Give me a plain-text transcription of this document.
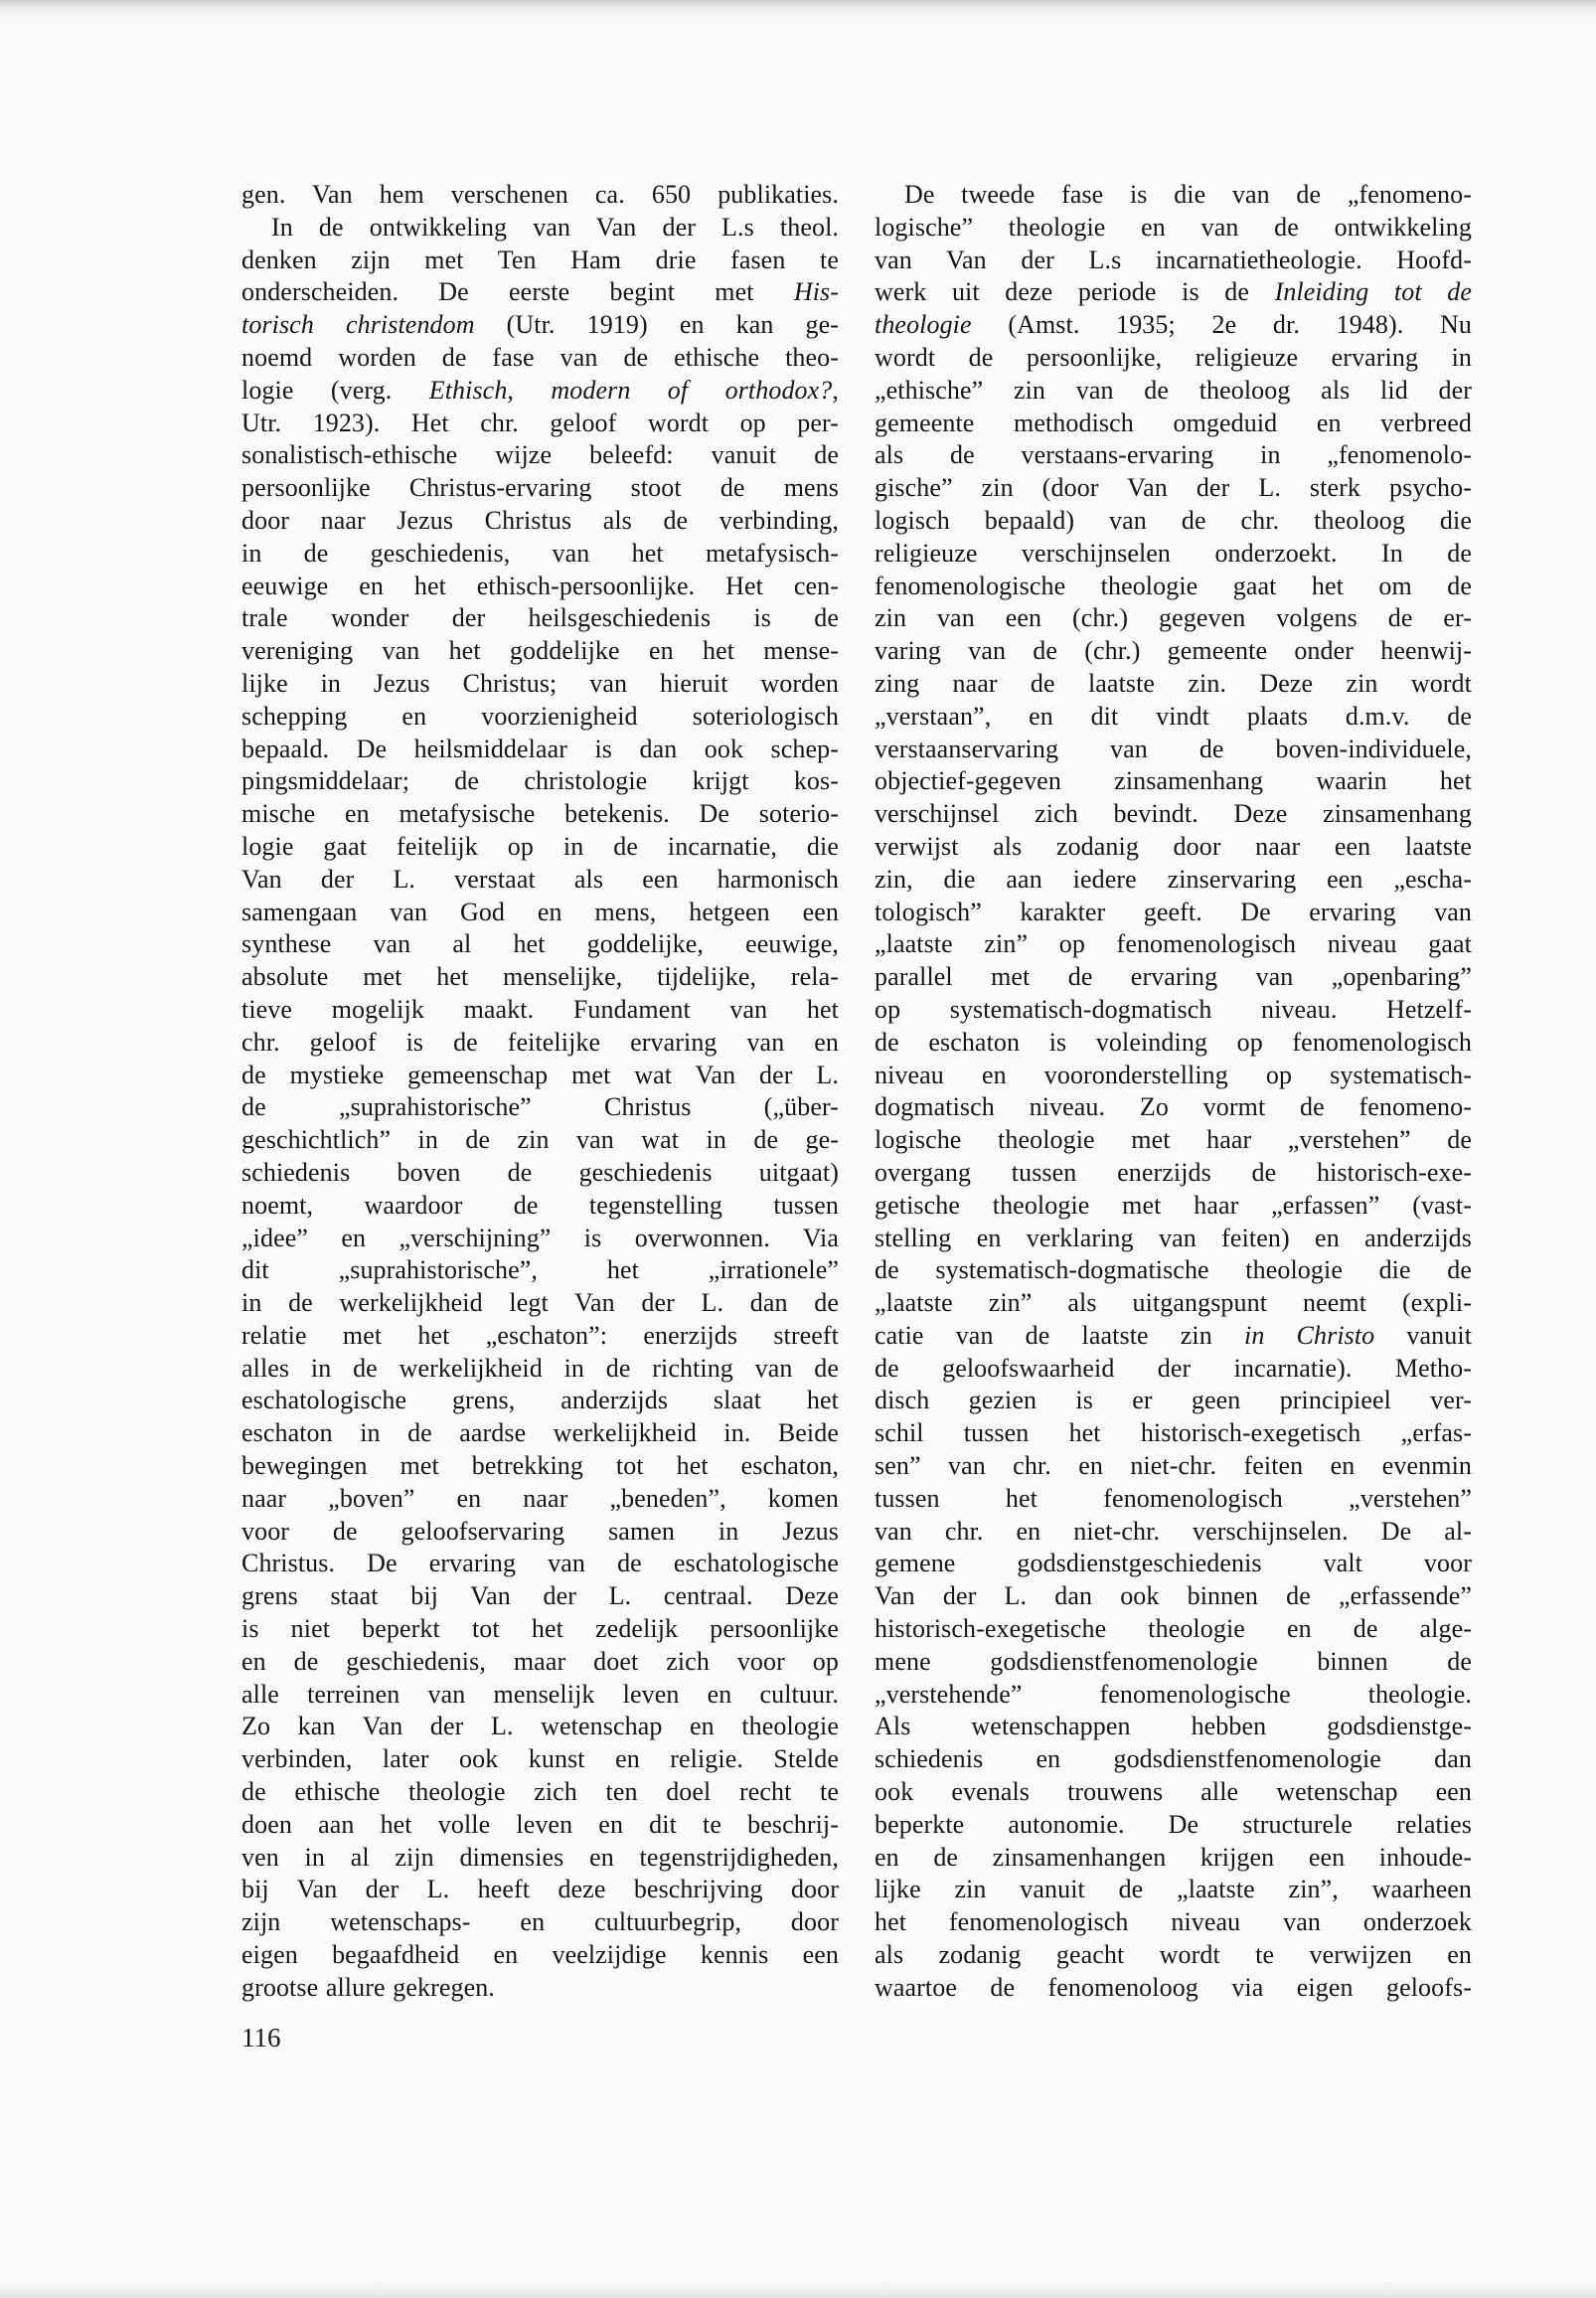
gen. Van hem verschenen ca. 650 publikaties.
In de ontwikkeling van Van der L.s theol.
denken zijn met Ten Ham drie fasen te
onderscheiden. De eerste begint met His-
torisch christendom (Utr. 1919) en kan ge-
noemd worden de fase van de ethische theo-
logie (verg. Ethisch, modern of orthodox?,
Utr. 1923). Het chr. geloof wordt op per-
sonalistisch-ethische wijze beleefd: vanuit de
persoonlijke Christus-ervaring stoot de mens
door naar Jezus Christus als de verbinding,
in de geschiedenis, van het metafysisch-
eeuwige en het ethisch-persoonlijke. Het cen-
trale wonder der heilsgeschiedenis is de
vereniging van het goddelijke en het mense-
lijke in Jezus Christus; van hieruit worden
schepping en voorzienigheid soteriologisch
bepaald. De heilsmiddelaar is dan ook schep-
pingsmiddelaar; de christologie krijgt kos-
mische en metafysische betekenis. De soterio-
logie gaat feitelijk op in de incarnatie, die
Van der L. verstaat als een harmonisch
samengaan van God en mens, hetgeen een
synthese van al het goddelijke, eeuwige,
absolute met het menselijke, tijdelijke, rela-
tieve mogelijk maakt. Fundament van het
chr. geloof is de feitelijke ervaring van en
de mystieke gemeenschap met wat Van der L.
de „suprahistorische” Christus („über-
geschichtlich” in de zin van wat in de ge-
schiedenis boven de geschiedenis uitgaat)
noemt, waardoor de tegenstelling tussen
„idee” en „verschijning” is overwonnen. Via
dit „suprahistorische”, het „irrationele”
in de werkelijkheid legt Van der L. dan de
relatie met het „eschaton”: enerzijds streeft
alles in de werkelijkheid in de richting van de
eschatologische grens, anderzijds slaat het
eschaton in de aardse werkelijkheid in. Beide
bewegingen met betrekking tot het eschaton,
naar „boven” en naar „beneden”, komen
voor de geloofservaring samen in Jezus
Christus. De ervaring van de eschatologische
grens staat bij Van der L. centraal. Deze
is niet beperkt tot het zedelijk persoonlijke
en de geschiedenis, maar doet zich voor op
alle terreinen van menselijk leven en cultuur.
Zo kan Van der L. wetenschap en theologie
verbinden, later ook kunst en religie. Stelde
de ethische theologie zich ten doel recht te
doen aan het volle leven en dit te beschrij-
ven in al zijn dimensies en tegenstrijdigheden,
bij Van der L. heeft deze beschrijving door
zijn wetenschaps- en cultuurbegrip, door
eigen begaafdheid en veelzijdige kennis een
grootse allure gekregen.
De tweede fase is die van de „fenomeno-
logische” theologie en van de ontwikkeling
van Van der L.s incarnatietheologie. Hoofd-
werk uit deze periode is de Inleiding tot de
theologie (Amst. 1935; 2e dr. 1948). Nu
wordt de persoonlijke, religieuze ervaring in
„ethische” zin van de theoloog als lid der
gemeente methodisch omgeduid en verbreed
als de verstaans-ervaring in „fenomenolo-
gische” zin (door Van der L. sterk psycho-
logisch bepaald) van de chr. theoloog die
religieuze verschijnselen onderzoekt. In de
fenomenologische theologie gaat het om de
zin van een (chr.) gegeven volgens de er-
varing van de (chr.) gemeente onder heenwij-
zing naar de laatste zin. Deze zin wordt
„verstaan”, en dit vindt plaats d.m.v. de
verstaanservaring van de boven-individuele,
objectief-gegeven zinsamenhang waarin het
verschijnsel zich bevindt. Deze zinsamenhang
verwijst als zodanig door naar een laatste
zin, die aan iedere zinservaring een „escha-
tologisch” karakter geeft. De ervaring van
„laatste zin” op fenomenologisch niveau gaat
parallel met de ervaring van „openbaring”
op systematisch-dogmatisch niveau. Hetzelf-
de eschaton is voleinding op fenomenologisch
niveau en vooronderstelling op systematisch-
dogmatisch niveau. Zo vormt de fenomeno-
logische theologie met haar „verstehen” de
overgang tussen enerzijds de historisch-exe-
getische theologie met haar „erfassen” (vast-
stelling en verklaring van feiten) en anderzijds
de systematisch-dogmatische theologie die de
„laatste zin” als uitgangspunt neemt (expli-
catie van de laatste zin in Christo vanuit
de geloofswaarheid der incarnatie). Metho-
disch gezien is er geen principieel ver-
schil tussen het historisch-exegetisch „erfas-
sen” van chr. en niet-chr. feiten en evenmin
tussen het fenomenologisch „verstehen”
van chr. en niet-chr. verschijnselen. De al-
gemene godsdienstgeschiedenis valt voor
Van der L. dan ook binnen de „erfassende”
historisch-exegetische theologie en de alge-
mene godsdienstfenomenologie binnen de
„verstehende” fenomenologische theologie.
Als wetenschappen hebben godsdienstge-
schiedenis en godsdienstfenomenologie dan
ook evenals trouwens alle wetenschap een
beperkte autonomie. De structurele relaties
en de zinsamenhangen krijgen een inhoude-
lijke zin vanuit de „laatste zin”, waarheen
het fenomenologisch niveau van onderzoek
als zodanig geacht wordt te verwijzen en
waartoe de fenomenoloog via eigen geloofs-
116
